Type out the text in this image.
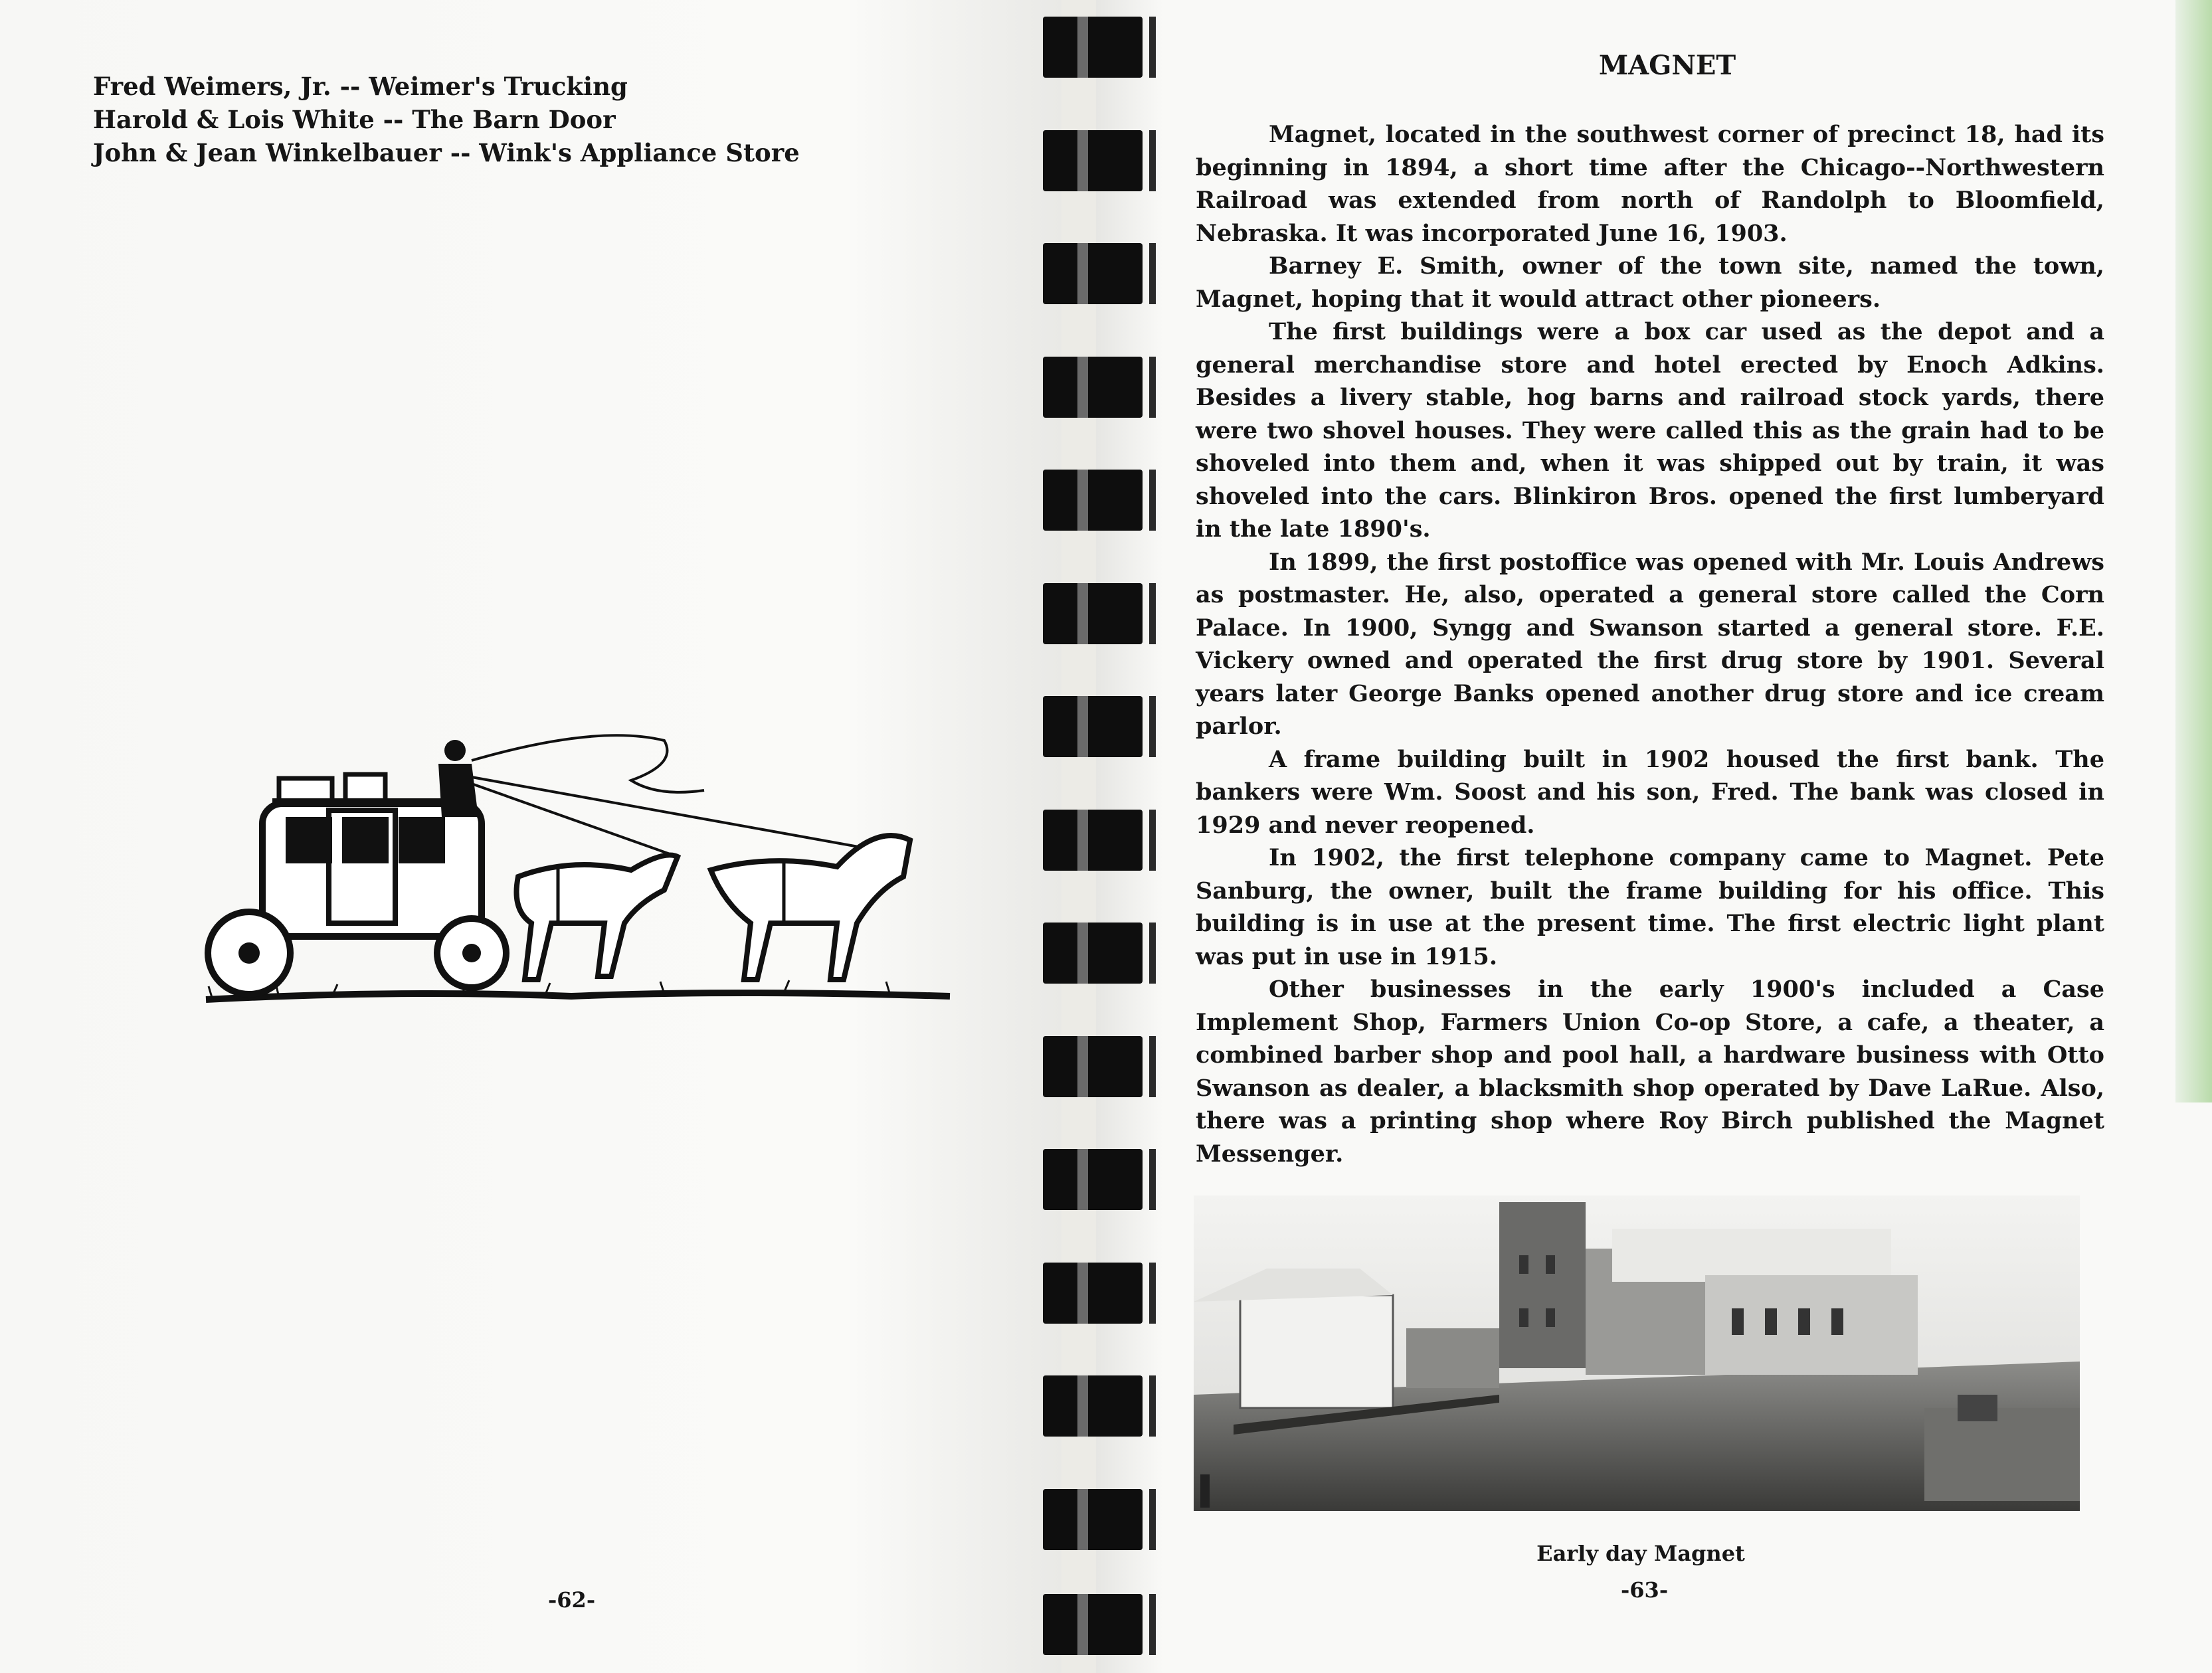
Fred Weimers, Jr. -- Weimer's Trucking
Harold & Lois White -- The Barn Door
John & Jean Winkelbauer -- Wink's Appliance Store
-62-
MAGNET

Magnet, located in the southwest corner of precinct 18, had its beginning in 1894, a short time after the Chicago--Northwestern Railroad was extended from north of Randolph to Bloomfield, Nebraska. It was incorporated June 16, 1903.

Barney E. Smith, owner of the town site, named the town, Magnet, hoping that it would attract other pioneers.

The first buildings were a box car used as the depot and a general merchandise store and hotel erected by Enoch Adkins. Besides a livery stable, hog barns and railroad stock yards, there were two shovel houses. They were called this as the grain had to be shoveled into them and, when it was shipped out by train, it was shoveled into the cars. Blinkiron Bros. opened the first lumberyard in the late 1890's.

In 1899, the first postoffice was opened with Mr. Louis Andrews as postmaster. He, also, operated a general store called the Corn Palace. In 1900, Syngg and Swanson started a general store. F.E. Vickery owned and operated the first drug store by 1901. Several years later George Banks opened another drug store and ice cream parlor.

A frame building built in 1902 housed the first bank. The bankers were Wm. Soost and his son, Fred. The bank was closed in 1929 and never reopened.

In 1902, the first telephone company came to Magnet. Pete Sanburg, the owner, built the frame building for his office. This building is in use at the present time. The first electric light plant was put in use in 1915.

Other businesses in the early 1900's included a Case Implement Shop, Farmers Union Co-op Store, a cafe, a theater, a combined barber shop and pool hall, a hardware business with Otto Swanson as dealer, a blacksmith shop operated by Dave LaRue. Also, there was a printing shop where Roy Birch published the Magnet Messenger.

Early day Magnet
-63-
